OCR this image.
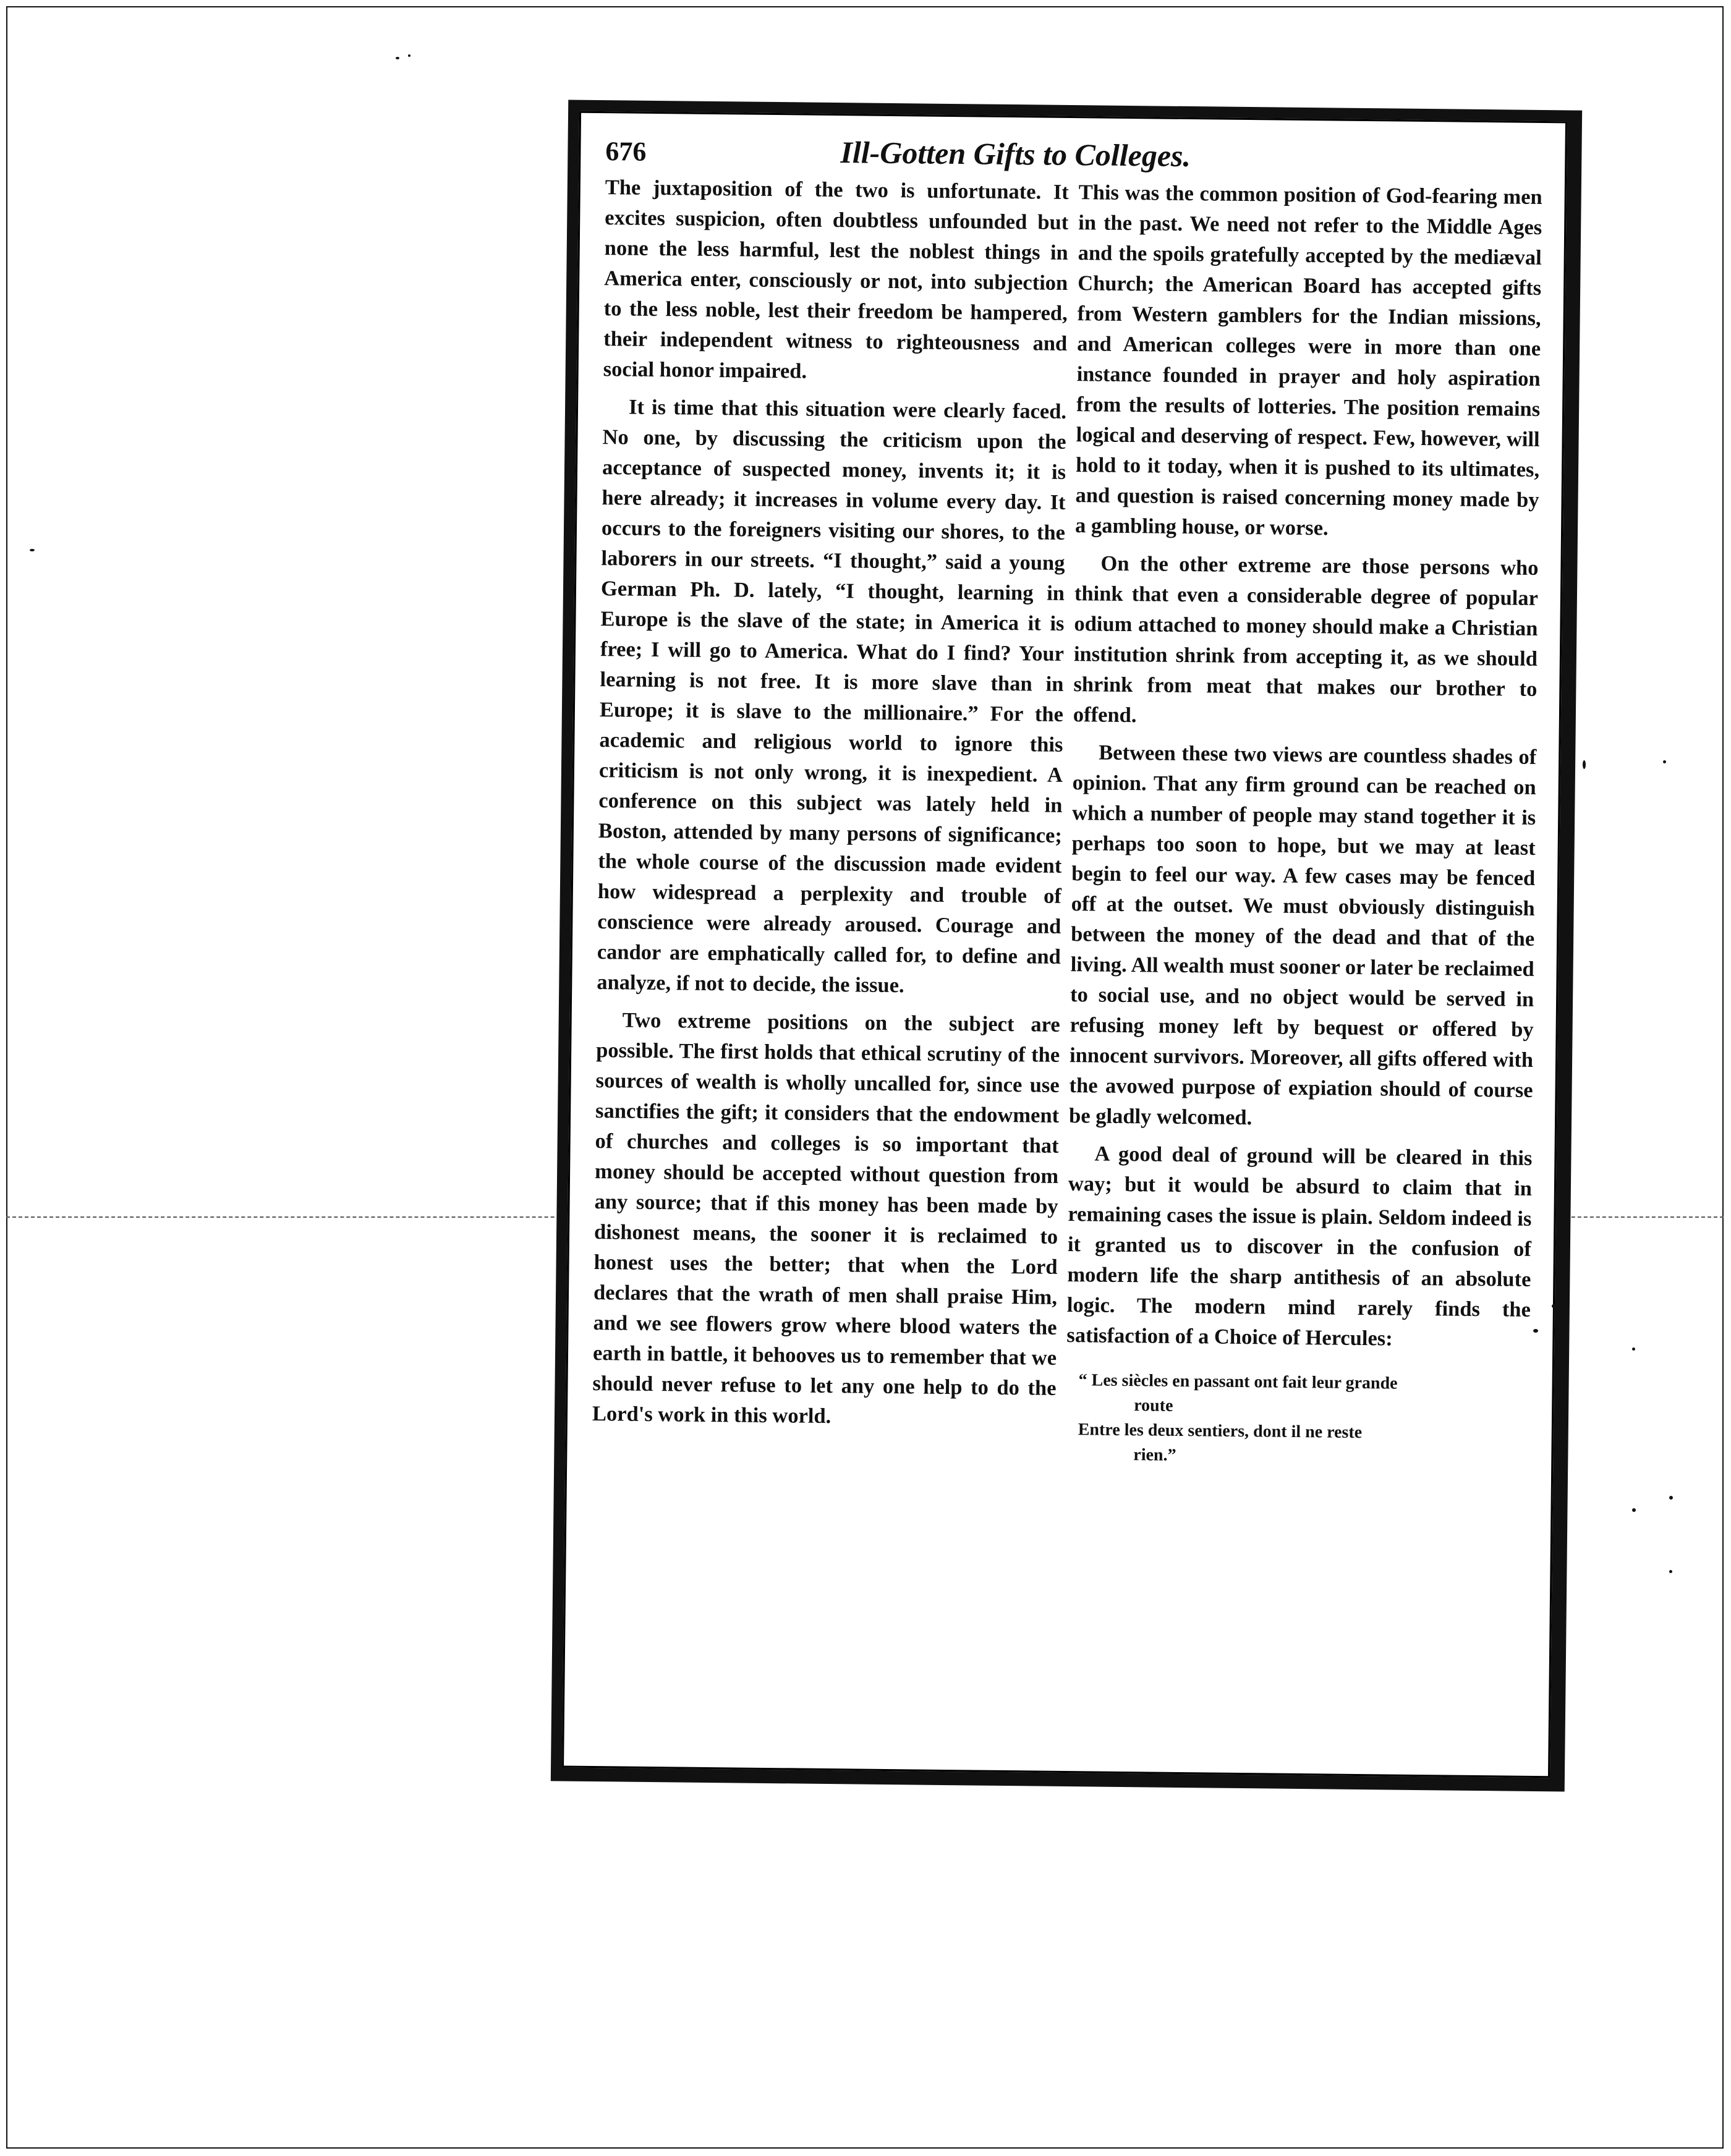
676	Ill-Gotten Gifts to Colleges.

The juxtaposition of the two is unfortunate. It excites suspicion, often doubtless unfounded but none the less harmful, lest the noblest things in America enter, consciously or not, into subjection to the less noble, lest their freedom be hampered, their independent witness to righteousness and social honor impaired.

It is time that this situation were clearly faced. No one, by discussing the criticism upon the acceptance of suspected money, invents it; it is here already; it increases in volume every day. It occurs to the foreigners visiting our shores, to the laborers in our streets. “I thought,” said a young German Ph. D. lately, “I thought, learning in Europe is the slave of the state; in America it is free; I will go to America. What do I find? Your learning is not free. It is more slave than in Europe; it is slave to the millionaire.” For the academic and religious world to ignore this criticism is not only wrong, it is inexpedient. A conference on this subject was lately held in Boston, attended by many persons of significance; the whole course of the discussion made evident how widespread a perplexity and trouble of conscience were already aroused. Courage and candor are emphatically called for, to define and analyze, if not to decide, the issue.

Two extreme positions on the subject are possible. The first holds that ethical scrutiny of the sources of wealth is wholly uncalled for, since use sanctifies the gift; it considers that the endowment of churches and colleges is so important that money should be accepted without question from any source; that if this money has been made by dishonest means, the sooner it is reclaimed to honest uses the better; that when the Lord declares that the wrath of men shall praise Him, and we see flowers grow where blood waters the earth in battle, it behooves us to remember that we should never refuse to let any one help to do the Lord's work in this world.

This was the common position of God-fearing men in the past. We need not refer to the Middle Ages and the spoils gratefully accepted by the mediæval Church; the American Board has accepted gifts from Western gamblers for the Indian missions, and American colleges were in more than one instance founded in prayer and holy aspiration from the results of lotteries. The position remains logical and deserving of respect. Few, however, will hold to it today, when it is pushed to its ultimates, and question is raised concerning money made by a gambling house, or worse.

On the other extreme are those persons who think that even a considerable degree of popular odium attached to money should make a Christian institution shrink from accepting it, as we should shrink from meat that makes our brother to offend.

Between these two views are countless shades of opinion. That any firm ground can be reached on which a number of people may stand together it is perhaps too soon to hope, but we may at least begin to feel our way. A few cases may be fenced off at the outset. We must obviously distinguish between the money of the dead and that of the living. All wealth must sooner or later be reclaimed to social use, and no object would be served in refusing money left by bequest or offered by innocent survivors. Moreover, all gifts offered with the avowed purpose of expiation should of course be gladly welcomed.

A good deal of ground will be cleared in this way; but it would be absurd to claim that in remaining cases the issue is plain. Seldom indeed is it granted us to discover in the confusion of modern life the sharp antithesis of an absolute logic. The modern mind rarely finds the satisfaction of a Choice of Hercules:

“ Les siècles en passant ont fait leur grande
route
Entre les deux sentiers, dont il ne reste
rien.”
